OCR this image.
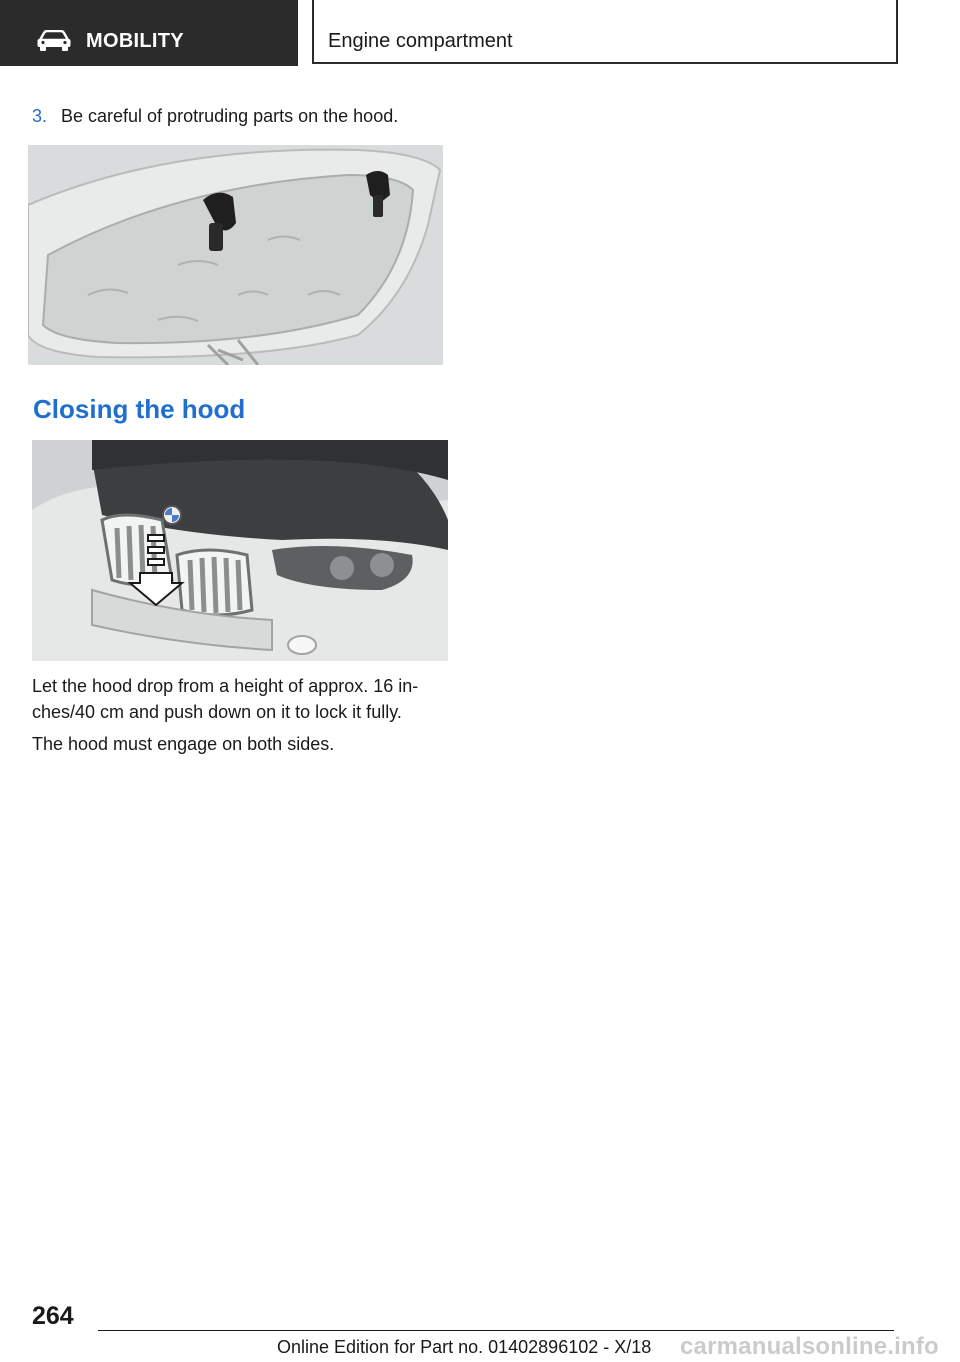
MOBILITY	Engine compartment
3. Be careful of protruding parts on the hood.
Closing the hood
Let the hood drop from a height of approx. 16 in‐ ches/40 cm and push down on it to lock it fully.
The hood must engage on both sides.
264
Online Edition for Part no. 01402896102 - X/18 carmanualsonline.info
